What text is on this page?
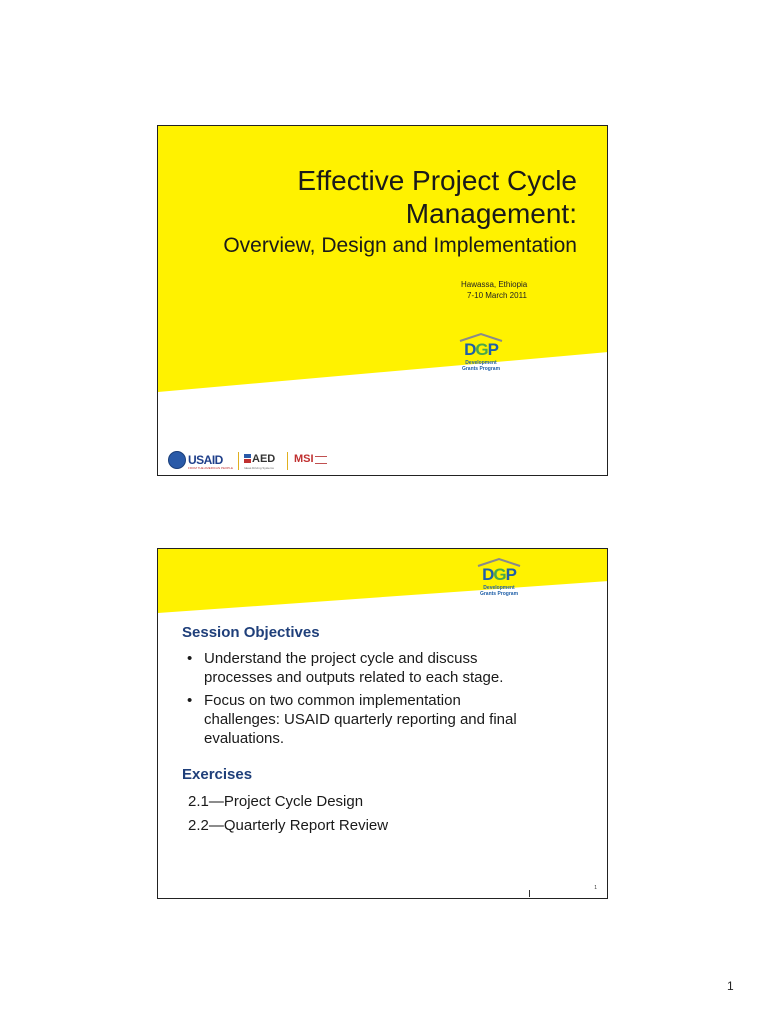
Effective Project Cycle
Management:
Overview, Design and Implementation
Hawassa, Ethiopia
7-10 March 2011
DGP
Development
Grants Program
USAID
FROM THE AMERICAN PEOPLE
AED
Ideas Driving Systems
MSI
DGP
Development
Grants Program
Session Objectives
• Understand the project cycle and discuss
processes and outputs related to each stage.
• Focus on two common implementation
challenges: USAID quarterly reporting and final
evaluations.
Exercises
2.1—Project Cycle Design
2.2—Quarterly Report Review
1
1
